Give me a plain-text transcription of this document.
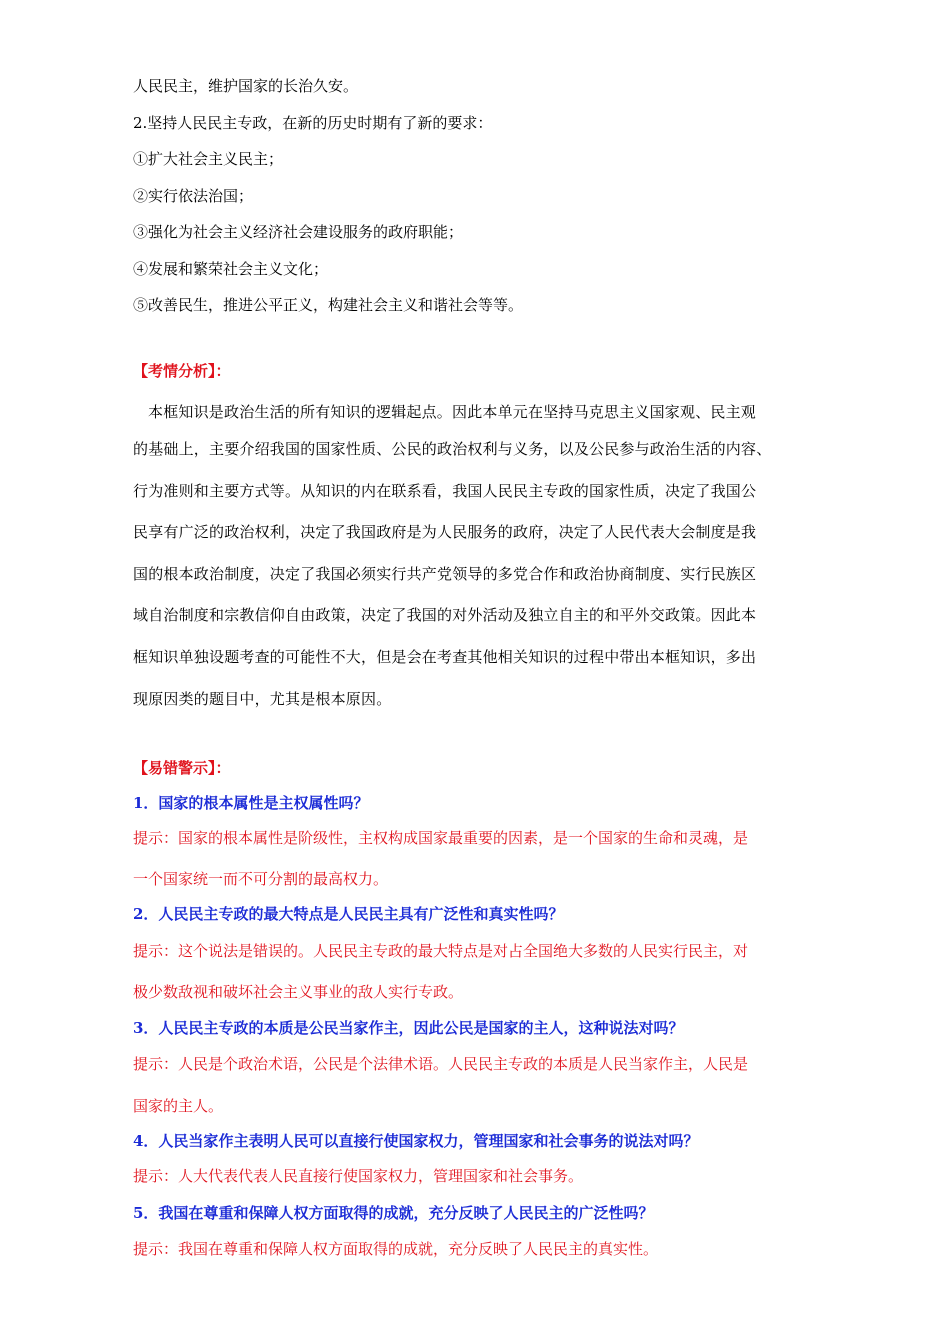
人民民主，维护国家的长治久安。
2.坚持人民民主专政，在新的历史时期有了新的要求：
①扩大社会主义民主；
②实行依法治国；
③强化为社会主义经济社会建设服务的政府职能；
④发展和繁荣社会主义文化；
⑤改善民生，推进公平正义，构建社会主义和谐社会等等。
【考情分析】：
本框知识是政治生活的所有知识的逻辑起点。因此本单元在坚持马克思主义国家观、民主观
的基础上，主要介绍我国的国家性质、公民的政治权利与义务，以及公民参与政治生活的内容、
行为准则和主要方式等。从知识的内在联系看，我国人民民主专政的国家性质，决定了我国公
民享有广泛的政治权利，决定了我国政府是为人民服务的政府，决定了人民代表大会制度是我
国的根本政治制度，决定了我国必须实行共产党领导的多党合作和政治协商制度、实行民族区
域自治制度和宗教信仰自由政策，决定了我国的对外活动及独立自主的和平外交政策。因此本
框知识单独设题考查的可能性不大，但是会在考查其他相关知识的过程中带出本框知识，多出
现原因类的题目中，尤其是根本原因。
【易错警示】：
1．国家的根本属性是主权属性吗？
提示：国家的根本属性是阶级性，主权构成国家最重要的因素，是一个国家的生命和灵魂，是
一个国家统一而不可分割的最高权力。
2．人民民主专政的最大特点是人民民主具有广泛性和真实性吗？
提示：这个说法是错误的。人民民主专政的最大特点是对占全国绝大多数的人民实行民主，对
极少数敌视和破坏社会主义事业的敌人实行专政。
3．人民民主专政的本质是公民当家作主，因此公民是国家的主人，这种说法对吗？
提示：人民是个政治术语，公民是个法律术语。人民民主专政的本质是人民当家作主，人民是
国家的主人。
4．人民当家作主表明人民可以直接行使国家权力，管理国家和社会事务的说法对吗？
提示：人大代表代表人民直接行使国家权力，管理国家和社会事务。
5．我国在尊重和保障人权方面取得的成就，充分反映了人民民主的广泛性吗？
提示：我国在尊重和保障人权方面取得的成就，充分反映了人民民主的真实性。
